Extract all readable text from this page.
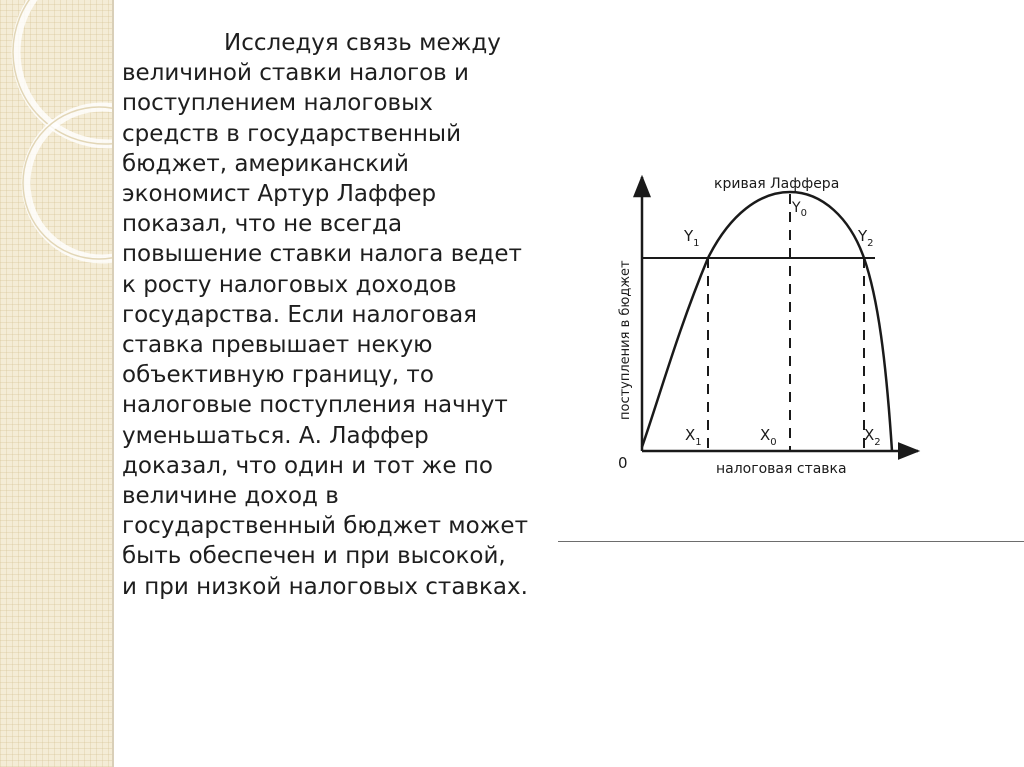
Исследуя связь между
величиной ставки налогов и
поступлением налоговых
средств в государственный
бюджет, американский
экономист Артур Лаффер
показал, что не всегда
повышение ставки налога ведет
к росту налоговых доходов
государства. Если налоговая
ставка превышает некую
объективную границу, то
налоговые поступления начнут
уменьшаться. А. Лаффер
доказал, что один и тот же по
величине доход в
государственный бюджет может
быть обеспечен и при высокой,
и при низкой налоговых ставках.

кривая Лаффера
поступления в бюджет
налоговая ставка
0
$Y_0$
$Y_1$	$Y_2$
$X_1$	$X_0$	$X_2$
